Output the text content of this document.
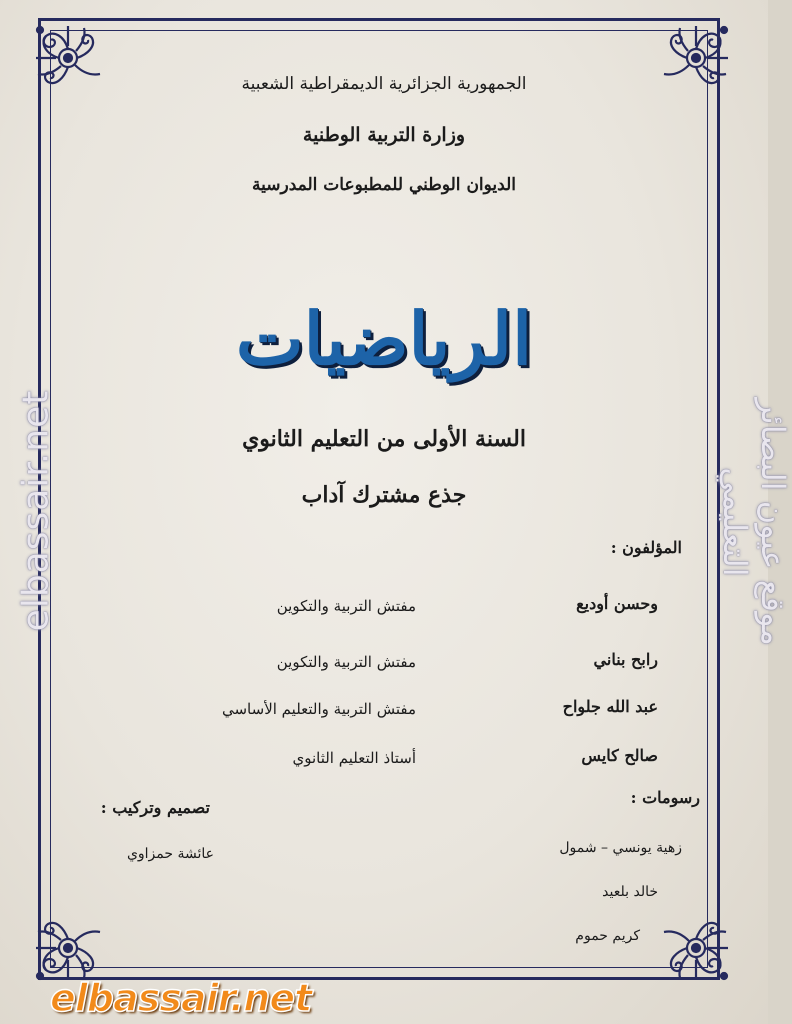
الجمهورية الجزائرية الديمقراطية الشعبية
وزارة التربية الوطنية
الديوان الوطني للمطبوعات المدرسية
الرياضيات
السنة الأولى من التعليم الثانوي
جذع مشترك آداب
المؤلفون :
وحسن أوديع
مفتش التربية والتكوين
رابح بناني
مفتش التربية والتكوين
عبد الله جلواح
مفتش التربية والتعليم الأساسي
صالح كايس
أستاذ التعليم الثانوي
رسومات :
زهية يونسي – شمول
خالد بلعيد
كريم حموم
تصميم وتركيب :
عائشة حمزاوي
elbassair.net	موقع عيون البصائر التعليمي
elbassair.net
